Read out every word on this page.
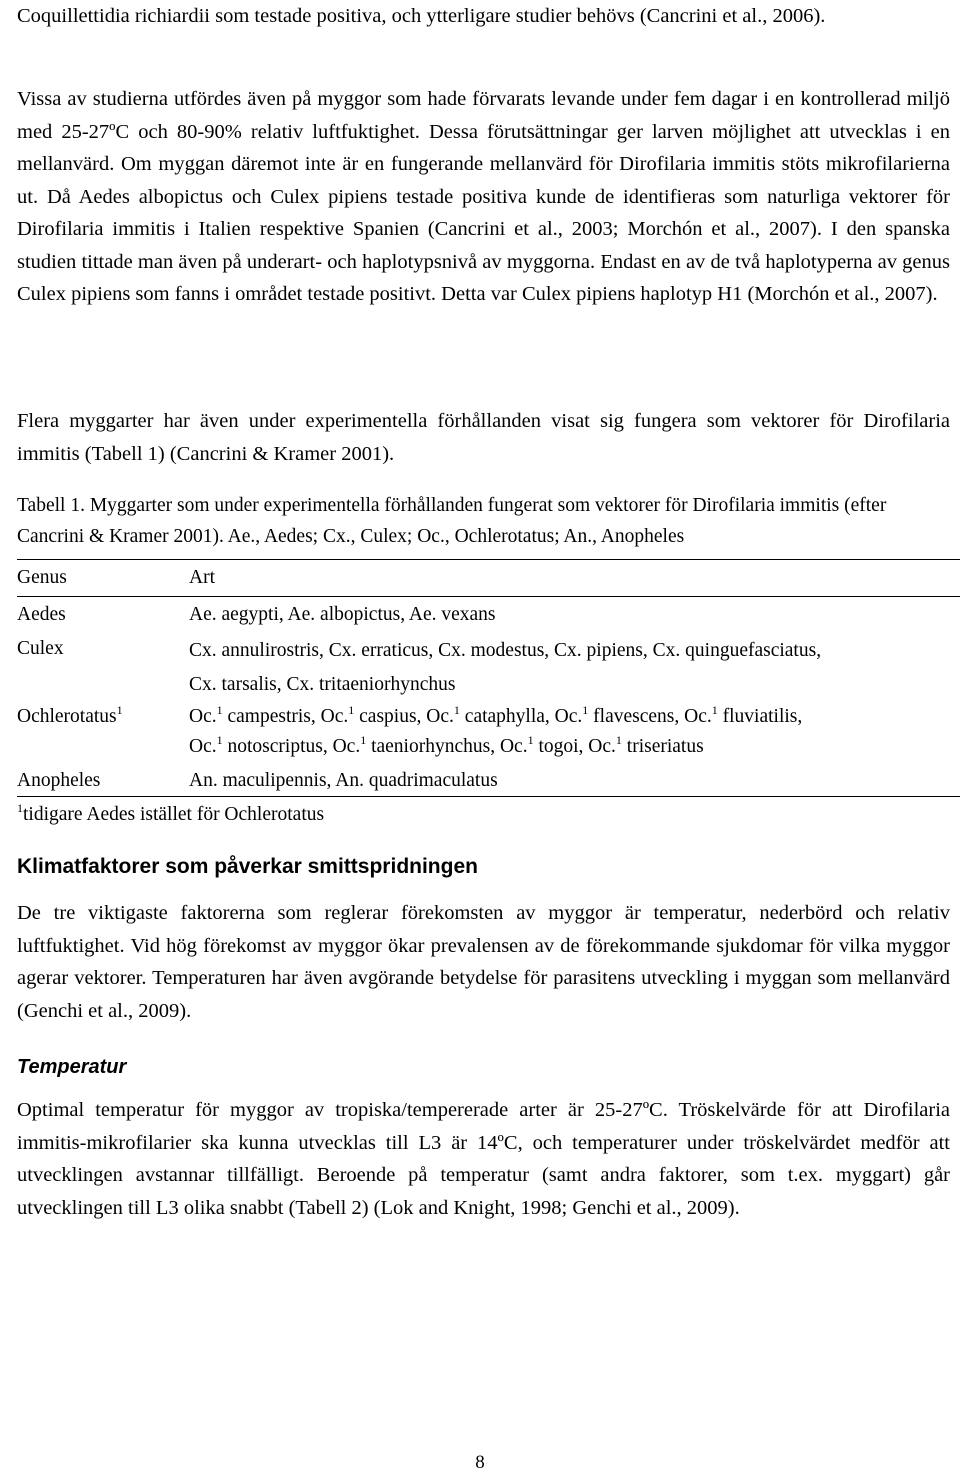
Coquillettidia richiardii som testade positiva, och ytterligare studier behövs (Cancrini et al., 2006).

Vissa av studierna utfördes även på myggor som hade förvarats levande under fem dagar i en kontrollerad miljö med 25-27ºC och 80-90% relativ luftfuktighet. Dessa förutsättningar ger larven möjlighet att utvecklas i en mellanvärd. Om myggan däremot inte är en fungerande mellanvärd för Dirofilaria immitis stöts mikrofilarierna ut. Då Aedes albopictus och Culex pipiens testade positiva kunde de identifieras som naturliga vektorer för Dirofilaria immitis i Italien respektive Spanien (Cancrini et al., 2003; Morchón et al., 2007). I den spanska studien tittade man även på underart- och haplotypsnivå av myggorna. Endast en av de två haplotyperna av genus Culex pipiens som fanns i området testade positivt. Detta var Culex pipiens haplotyp H1 (Morchón et al., 2007).

Flera myggarter har även under experimentella förhållanden visat sig fungera som vektorer för Dirofilaria immitis (Tabell 1) (Cancrini & Kramer 2001).

Tabell 1. Myggarter som under experimentella förhållanden fungerat som vektorer för Dirofilaria immitis (efter Cancrini & Kramer 2001). Ae., Aedes; Cx., Culex; Oc., Ochlerotatus; An., Anopheles
Genus	Art
Aedes	Ae. aegypti, Ae. albopictus, Ae. vexans
Culex	Cx. annulirostris, Cx. erraticus, Cx. modestus, Cx. pipiens, Cx. quinguefasciatus,
Cx. tarsalis, Cx. tritaeniorhynchus

Ochlerotatus$^1$	Oc.$^1$ campestris, Oc.$^1$ caspius, Oc.$^1$ cataphylla, Oc.$^1$ flavescens, Oc.$^1$ fluviatilis,
Oc.$^1$ notoscriptus, Oc.$^1$ taeniorhynchus, Oc.$^1$ togoi, Oc.$^1$ triseriatus

Anopheles	An. maculipennis, An. quadrimaculatus
$^1$tidigare Aedes istället för Ochlerotatus
Klimatfaktorer som påverkar smittspridningen

De tre viktigaste faktorerna som reglerar förekomsten av myggor är temperatur, nederbörd och relativ luftfuktighet. Vid hög förekomst av myggor ökar prevalensen av de förekommande sjukdomar för vilka myggor agerar vektorer. Temperaturen har även avgörande betydelse för parasitens utveckling i myggan som mellanvärd (Genchi et al., 2009).

Temperatur

Optimal temperatur för myggor av tropiska/tempererade arter är 25-27ºC. Tröskelvärde för att Dirofilaria immitis-mikrofilarier ska kunna utvecklas till L3 är 14ºC, och temperaturer under tröskelvärdet medför att utvecklingen avstannar tillfälligt. Beroende på temperatur (samt andra faktorer, som t.ex. myggart) går utvecklingen till L3 olika snabbt (Tabell 2) (Lok and Knight, 1998; Genchi et al., 2009).

8
